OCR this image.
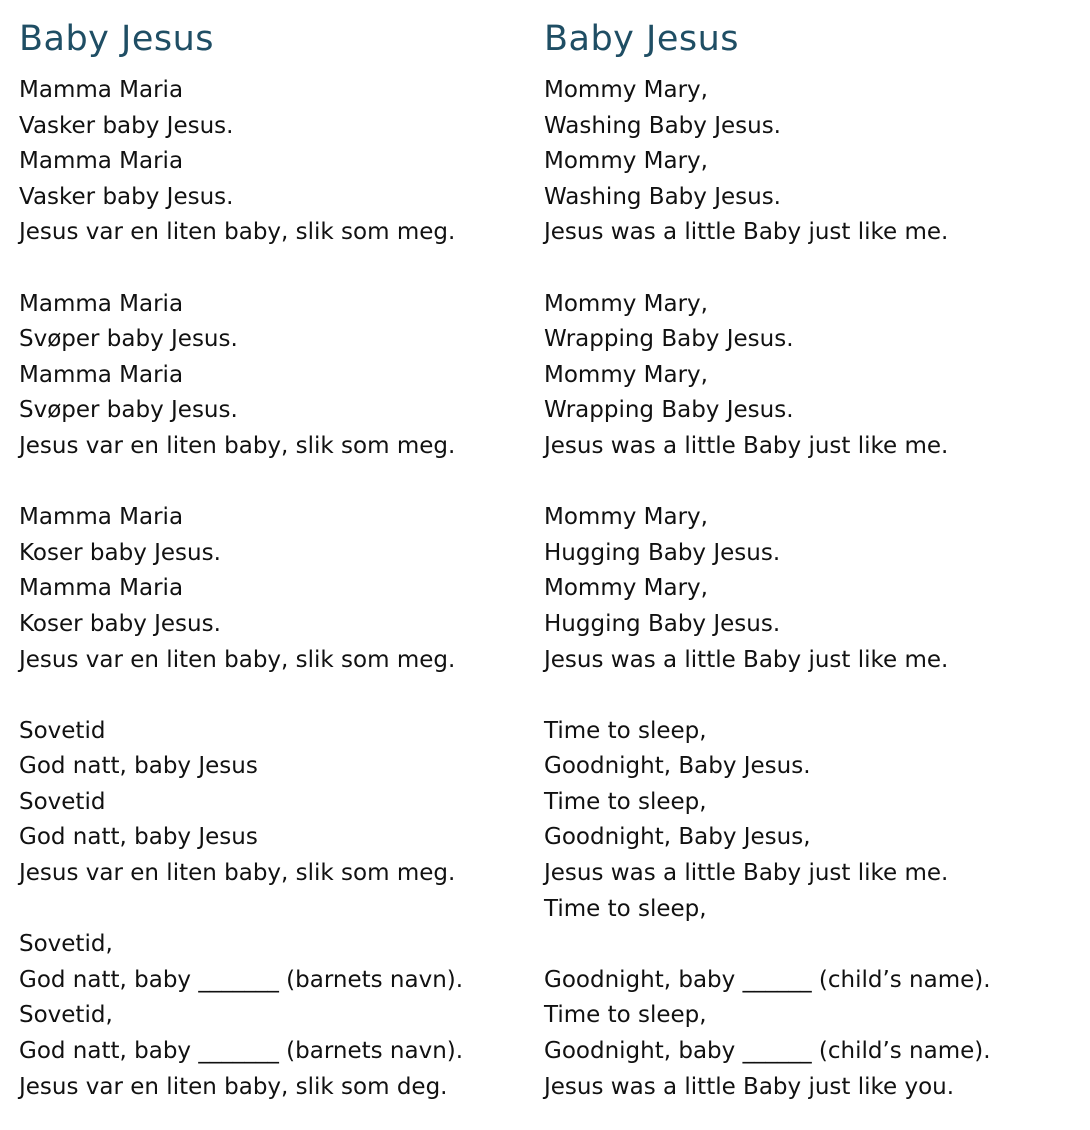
Baby Jesus
Mamma Maria
Vasker baby Jesus.
Mamma Maria
Vasker baby Jesus.
Jesus var en liten baby, slik som meg.
Mamma Maria
Svøper baby Jesus.
Mamma Maria
Svøper baby Jesus.
Jesus var en liten baby, slik som meg.
Mamma Maria
Koser baby Jesus.
Mamma Maria
Koser baby Jesus.
Jesus var en liten baby, slik som meg.
Sovetid
God natt, baby Jesus
Sovetid
God natt, baby Jesus
Jesus var en liten baby, slik som meg.
Sovetid,
God natt, baby _______ (barnets navn).
Sovetid,
God natt, baby _______ (barnets navn).
Jesus var en liten baby, slik som deg.
Baby Jesus
Mommy Mary,
Washing Baby Jesus.
Mommy Mary,
Washing Baby Jesus.
Jesus was a little Baby just like me.
Mommy Mary,
Wrapping Baby Jesus.
Mommy Mary,
Wrapping Baby Jesus.
Jesus was a little Baby just like me.
Mommy Mary,
Hugging Baby Jesus.
Mommy Mary,
Hugging Baby Jesus.
Jesus was a little Baby just like me.
Time to sleep,
Goodnight, Baby Jesus.
Time to sleep,
Goodnight, Baby Jesus,
Jesus was a little Baby just like me.
Time to sleep,
Goodnight, baby ______ (child’s name).
Time to sleep,
Goodnight, baby ______ (child’s name).
Jesus was a little Baby just like you.
